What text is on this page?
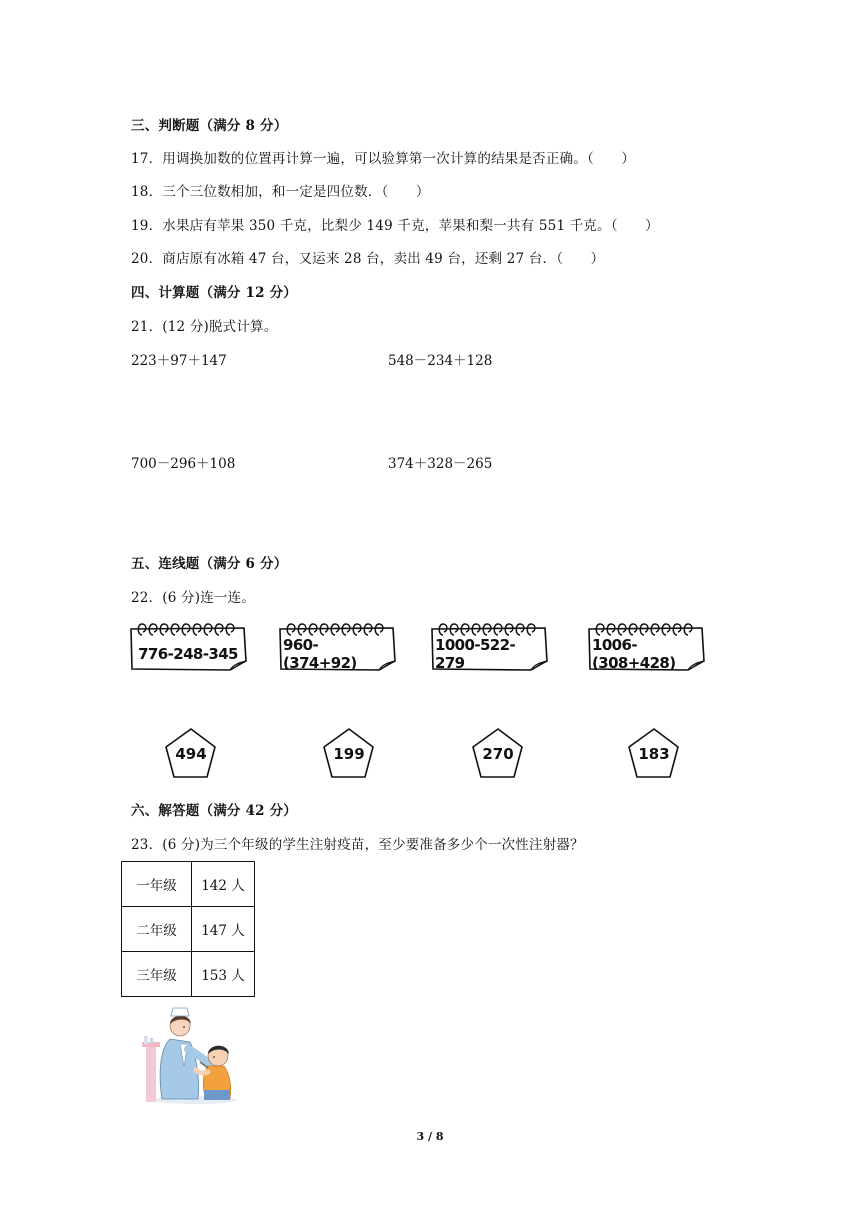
三、判断题（满分 8 分）
17．用调换加数的位置再计算一遍，可以验算第一次计算的结果是否正确。（　　）
18．三个三位数相加，和一定是四位数．（　　）
19．水果店有苹果 350 千克，比梨少 149 千克，苹果和梨一共有 551 千克。（　　）
20．商店原有冰箱 47 台，又运来 28 台，卖出 49 台，还剩 27 台．（　　）
四、计算题（满分 12 分）
21．(12 分)脱式计算。
223＋97＋147	548－234＋128
700－296＋108	374＋328－265
五、连线题（满分 6 分）
22．(6 分)连一连。
776-248-345	960-(374+92)
1000-522-279
1006-(308+428)
494	199	270	183
六、解答题（满分 42 分）
23．(6 分)为三个年级的学生注射疫苗，至少要准备多少个一次性注射器？
一年级	142 人
二年级	147 人
三年级	153 人
3 / 8
